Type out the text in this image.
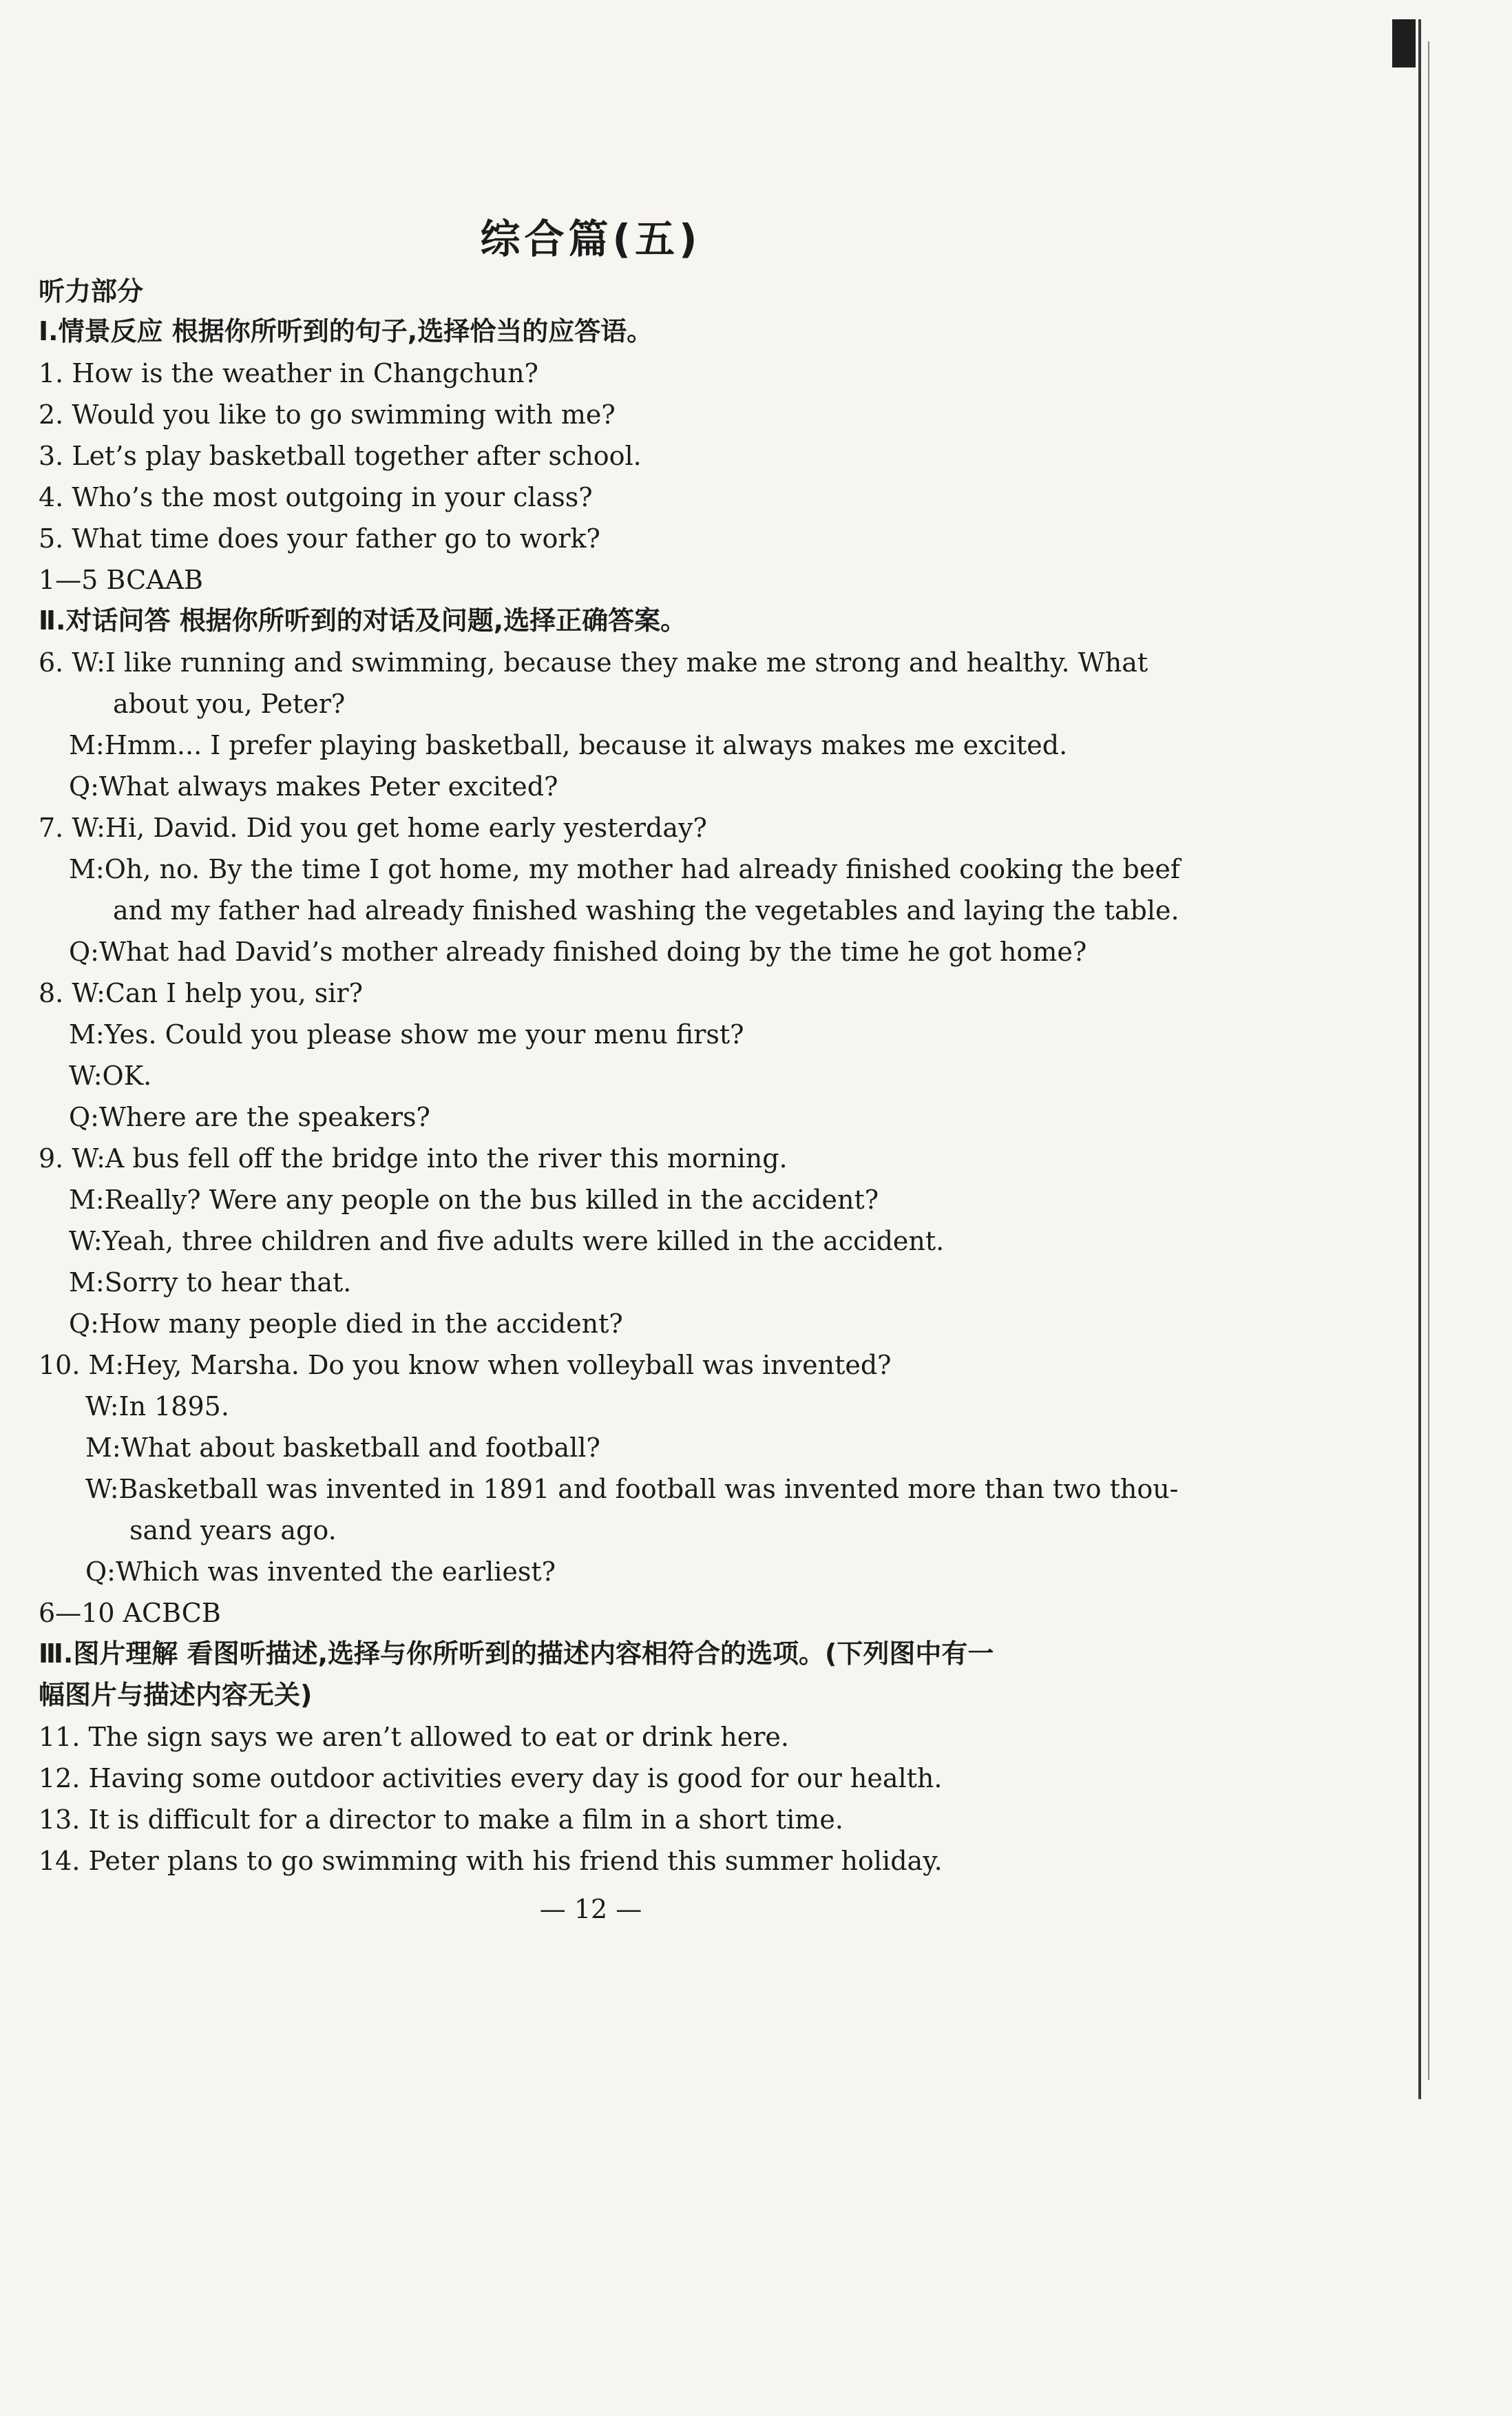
综合篇(五)
听力部分
Ⅰ.情景反应 根据你所听到的句子,选择恰当的应答语。
1. How is the weather in Changchun?
2. Would you like to go swimming with me?
3. Let’s play basketball together after school.
4. Who’s the most outgoing in your class?
5. What time does your father go to work?
1—5 BCAAB
Ⅱ.对话问答 根据你所听到的对话及问题,选择正确答案。
6. W:I like running and swimming, because they make me strong and healthy. What
about you, Peter?
M:Hmm... I prefer playing basketball, because it always makes me excited.
Q:What always makes Peter excited?
7. W:Hi, David. Did you get home early yesterday?
M:Oh, no. By the time I got home, my mother had already finished cooking the beef
and my father had already finished washing the vegetables and laying the table.
Q:What had David’s mother already finished doing by the time he got home?
8. W:Can I help you, sir?
M:Yes. Could you please show me your menu first?
W:OK.
Q:Where are the speakers?
9. W:A bus fell off the bridge into the river this morning.
M:Really? Were any people on the bus killed in the accident?
W:Yeah, three children and five adults were killed in the accident.
M:Sorry to hear that.
Q:How many people died in the accident?
10. M:Hey, Marsha. Do you know when volleyball was invented?
W:In 1895.
M:What about basketball and football?
W:Basketball was invented in 1891 and football was invented more than two thou-
sand years ago.
Q:Which was invented the earliest?
6—10 ACBCB
Ⅲ.图片理解 看图听描述,选择与你所听到的描述内容相符合的选项。(下列图中有一
幅图片与描述内容无关)
11. The sign says we aren’t allowed to eat or drink here.
12. Having some outdoor activities every day is good for our health.
13. It is difficult for a director to make a film in a short time.
14. Peter plans to go swimming with his friend this summer holiday.
— 12 —
